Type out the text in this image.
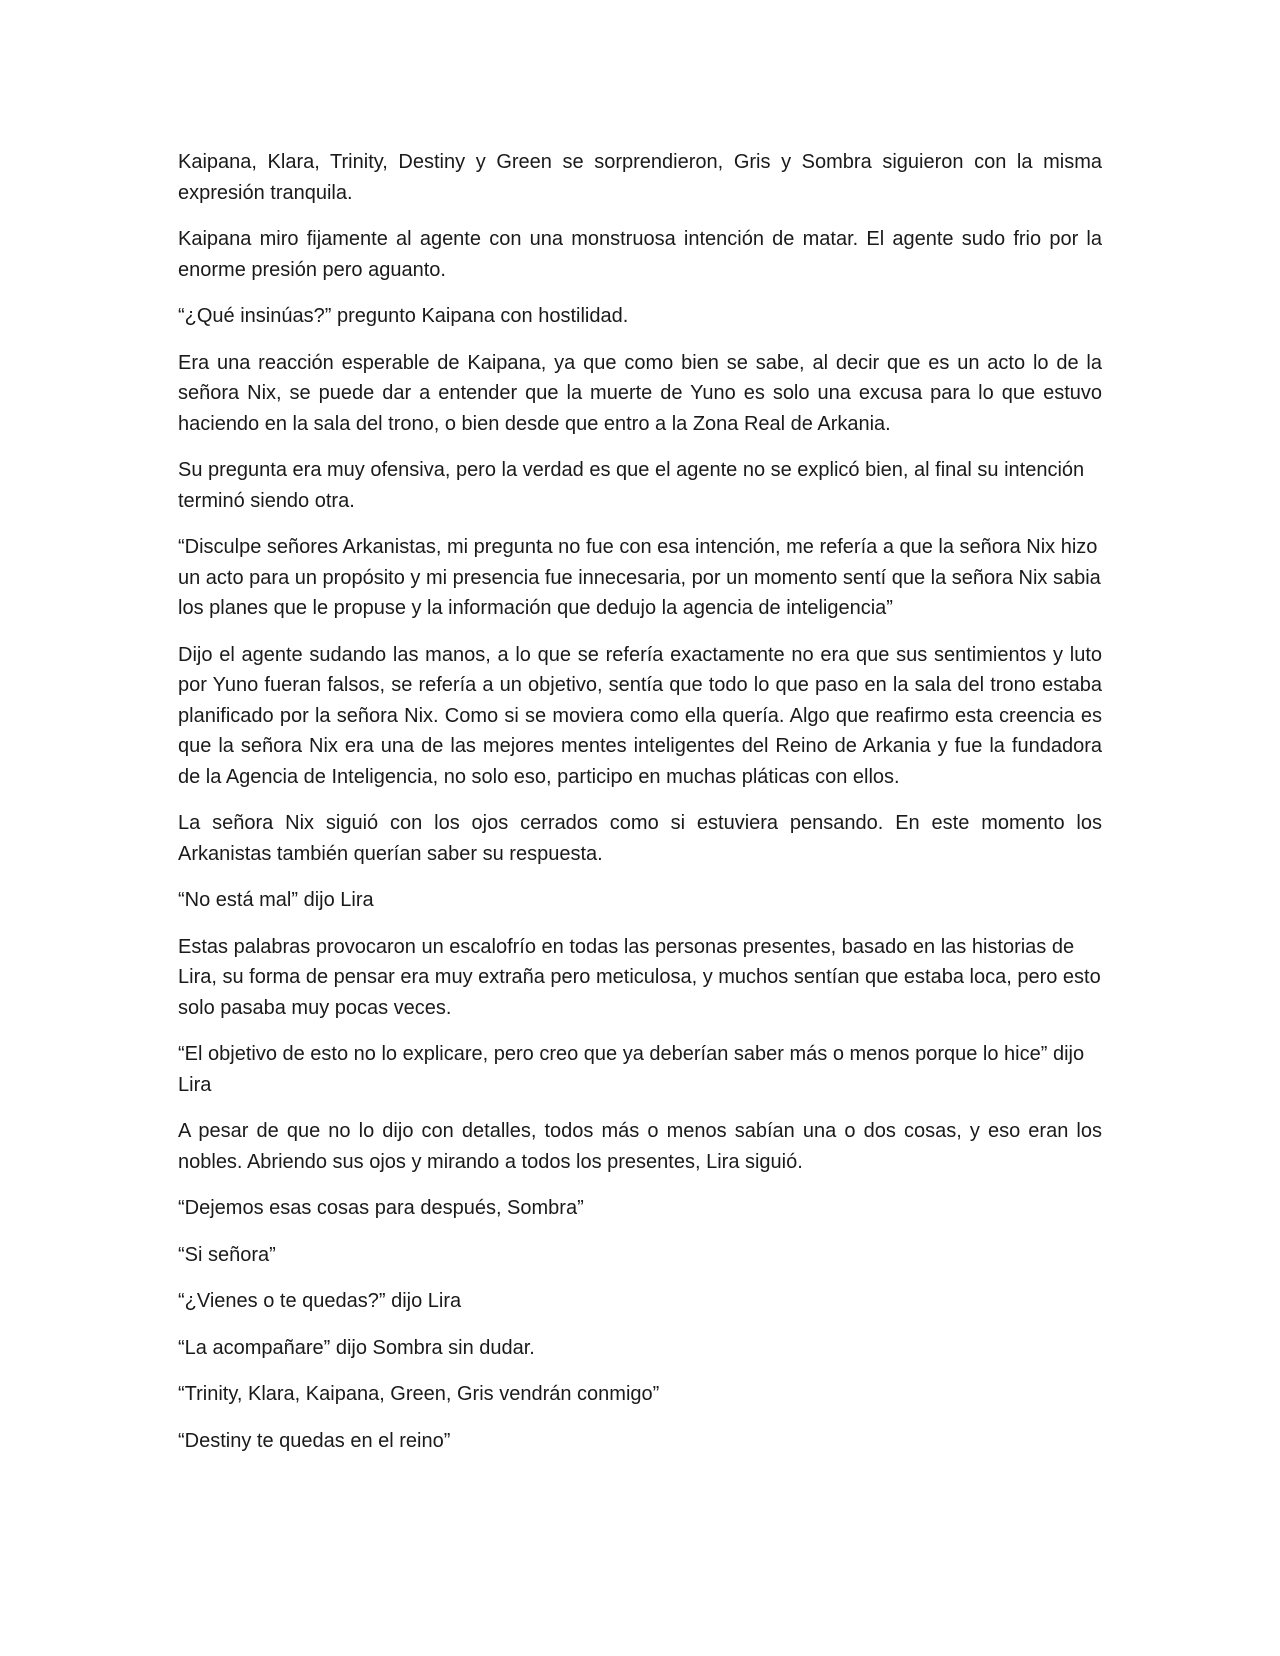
Kaipana, Klara, Trinity, Destiny y Green se sorprendieron, Gris y Sombra siguieron con la misma expresión tranquila.

Kaipana miro fijamente al agente con una monstruosa intención de matar. El agente sudo frio por la enorme presión pero aguanto.

“¿Qué insinúas?” pregunto Kaipana con hostilidad.

Era una reacción esperable de Kaipana, ya que como bien se sabe, al decir que es un acto lo de la señora Nix, se puede dar a entender que la muerte de Yuno es solo una excusa para lo que estuvo haciendo en la sala del trono, o bien desde que entro a la Zona Real de Arkania.

Su pregunta era muy ofensiva, pero la verdad es que el agente no se explicó bien, al final su intención terminó siendo otra.

“Disculpe señores Arkanistas, mi pregunta no fue con esa intención, me refería a que la señora Nix hizo un acto para un propósito y mi presencia fue innecesaria, por un momento sentí que la señora Nix sabia los planes que le propuse y la información que dedujo la agencia de inteligencia”

Dijo el agente sudando las manos, a lo que se refería exactamente no era que sus sentimientos y luto por Yuno fueran falsos, se refería a un objetivo, sentía que todo lo que paso en la sala del trono estaba planificado por la señora Nix. Como si se moviera como ella quería. Algo que reafirmo esta creencia es que la señora Nix era una de las mejores mentes inteligentes del Reino de Arkania y fue la fundadora de la Agencia de Inteligencia, no solo eso, participo en muchas pláticas con ellos.

La señora Nix siguió con los ojos cerrados como si estuviera pensando. En este momento los Arkanistas también querían saber su respuesta.

“No está mal” dijo Lira

Estas palabras provocaron un escalofrío en todas las personas presentes, basado en las historias de Lira, su forma de pensar era muy extraña pero meticulosa, y muchos sentían que estaba loca, pero esto solo pasaba muy pocas veces.

“El objetivo de esto no lo explicare, pero creo que ya deberían saber más o menos porque lo hice” dijo Lira

A pesar de que no lo dijo con detalles, todos más o menos sabían una o dos cosas, y eso eran los nobles. Abriendo sus ojos y mirando a todos los presentes, Lira siguió.

“Dejemos esas cosas para después, Sombra”

“Si señora”

“¿Vienes o te quedas?” dijo Lira

“La acompañare” dijo Sombra sin dudar.

“Trinity, Klara, Kaipana, Green, Gris vendrán conmigo”

“Destiny te quedas en el reino”
